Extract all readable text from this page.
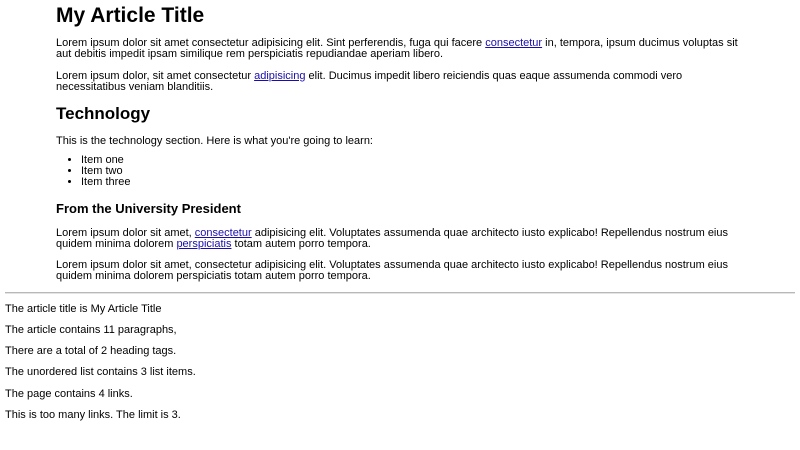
My Article Title

Lorem ipsum dolor sit amet consectetur adipisicing elit. Sint perferendis, fuga qui facere consectetur in, tempora, ipsum ducimus voluptas sit aut debitis impedit ipsam similique rem perspiciatis repudiandae aperiam libero.

Lorem ipsum dolor, sit amet consectetur adipisicing elit. Ducimus impedit libero reiciendis quas eaque assumenda commodi vero necessitatibus veniam blanditiis.

Technology

This is the technology section. Here is what you're going to learn:

• Item one
• Item two
• Item three
From the University President

Lorem ipsum dolor sit amet, consectetur adipisicing elit. Voluptates assumenda quae architecto iusto explicabo! Repellendus nostrum eius quidem minima dolorem perspiciatis totam autem porro tempora.

Lorem ipsum dolor sit amet, consectetur adipisicing elit. Voluptates assumenda quae architecto iusto explicabo! Repellendus nostrum eius quidem minima dolorem perspiciatis totam autem porro tempora.

The article title is My Article Title
The article contains 11 paragraphs,
There are a total of 2 heading tags.
The unordered list contains 3 list items.
The page contains 4 links.
This is too many links. The limit is 3.
